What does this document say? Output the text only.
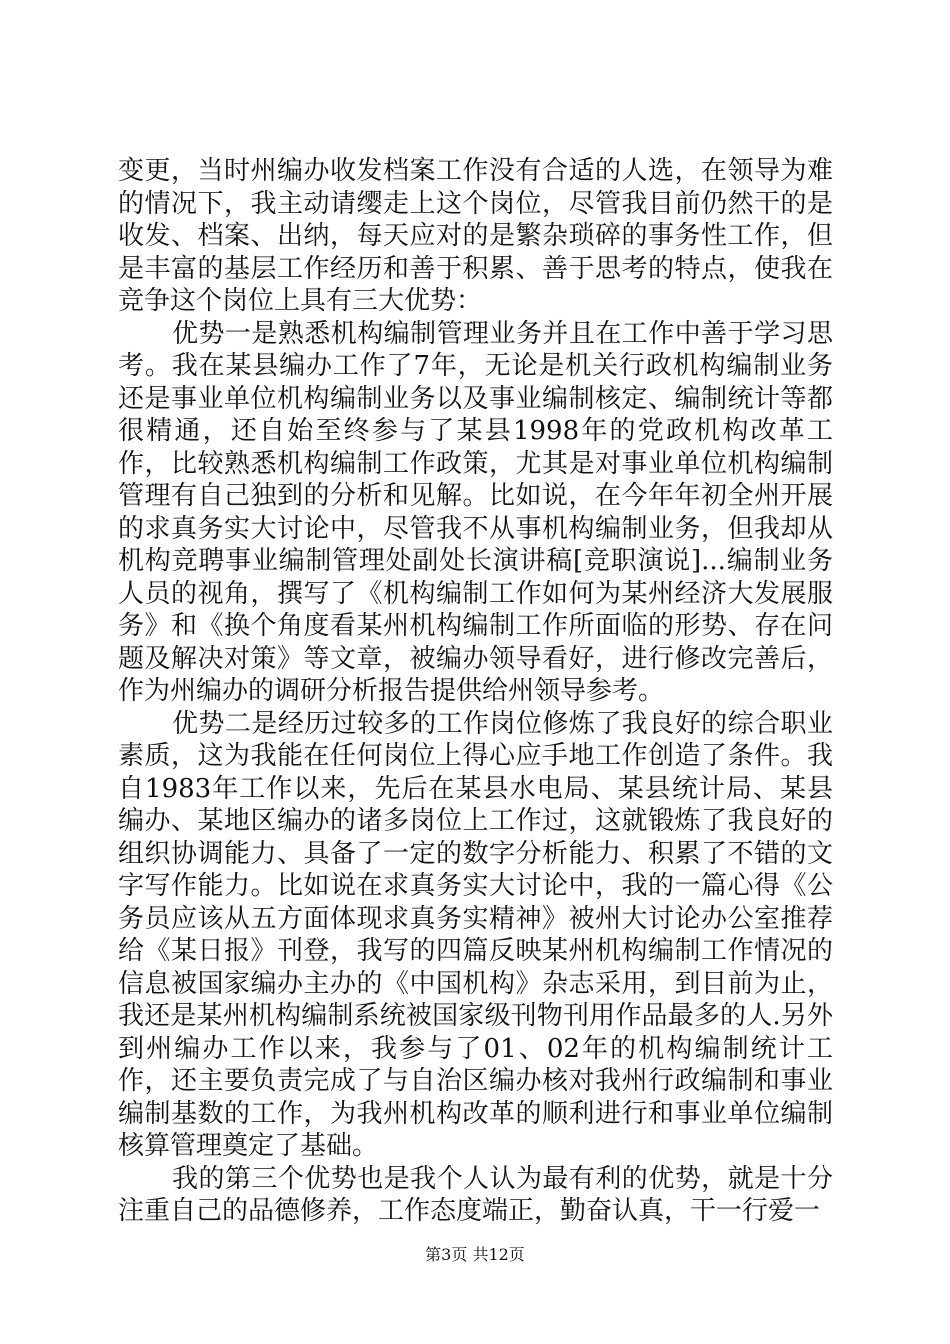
变更，当时州编办收发档案工作没有合适的人选，在领导为难的情况下，我主动请缨走上这个岗位，尽管我目前仍然干的是收发、档案、出纳，每天应对的是繁杂琐碎的事务性工作，但是丰富的基层工作经历和善于积累、善于思考的特点，使我在竞争这个岗位上具有三大优势：

优势一是熟悉机构编制管理业务并且在工作中善于学习思考。我在某县编办工作了7年，无论是机关行政机构编制业务还是事业单位机构编制业务以及事业编制核定、编制统计等都很精通，还自始至终参与了某县1998年的党政机构改革工作，比较熟悉机构编制工作政策，尤其是对事业单位机构编制管理有自己独到的分析和见解。比如说，在今年年初全州开展的求真务实大讨论中，尽管我不从事机构编制业务，但我却从机构竞聘事业编制管理处副处长演讲稿[竞职演说]...编制业务人员的视角，撰写了《机构编制工作如何为某州经济大发展服务》和《换个角度看某州机构编制工作所面临的形势、存在问题及解决对策》等文章，被编办领导看好，进行修改完善后，作为州编办的调研分析报告提供给州领导参考。

优势二是经历过较多的工作岗位修炼了我良好的综合职业素质，这为我能在任何岗位上得心应手地工作创造了条件。我自1983年工作以来，先后在某县水电局、某县统计局、某县编办、某地区编办的诸多岗位上工作过，这就锻炼了我良好的组织协调能力、具备了一定的数字分析能力、积累了不错的文字写作能力。比如说在求真务实大讨论中，我的一篇心得《公务员应该从五方面体现求真务实精神》被州大讨论办公室推荐给《某日报》刊登，我写的四篇反映某州机构编制工作情况的信息被国家编办主办的《中国机构》杂志采用，到目前为止，我还是某州机构编制系统被国家级刊物刊用作品最多的人.另外到州编办工作以来，我参与了01、02年的机构编制统计工作，还主要负责完成了与自治区编办核对我州行政编制和事业编制基数的工作，为我州机构改革的顺利进行和事业单位编制核算管理奠定了基础。

我的第三个优势也是我个人认为最有利的优势，就是十分注重自己的品德修养，工作态度端正，勤奋认真，干一行爱一

第3页 共12页
